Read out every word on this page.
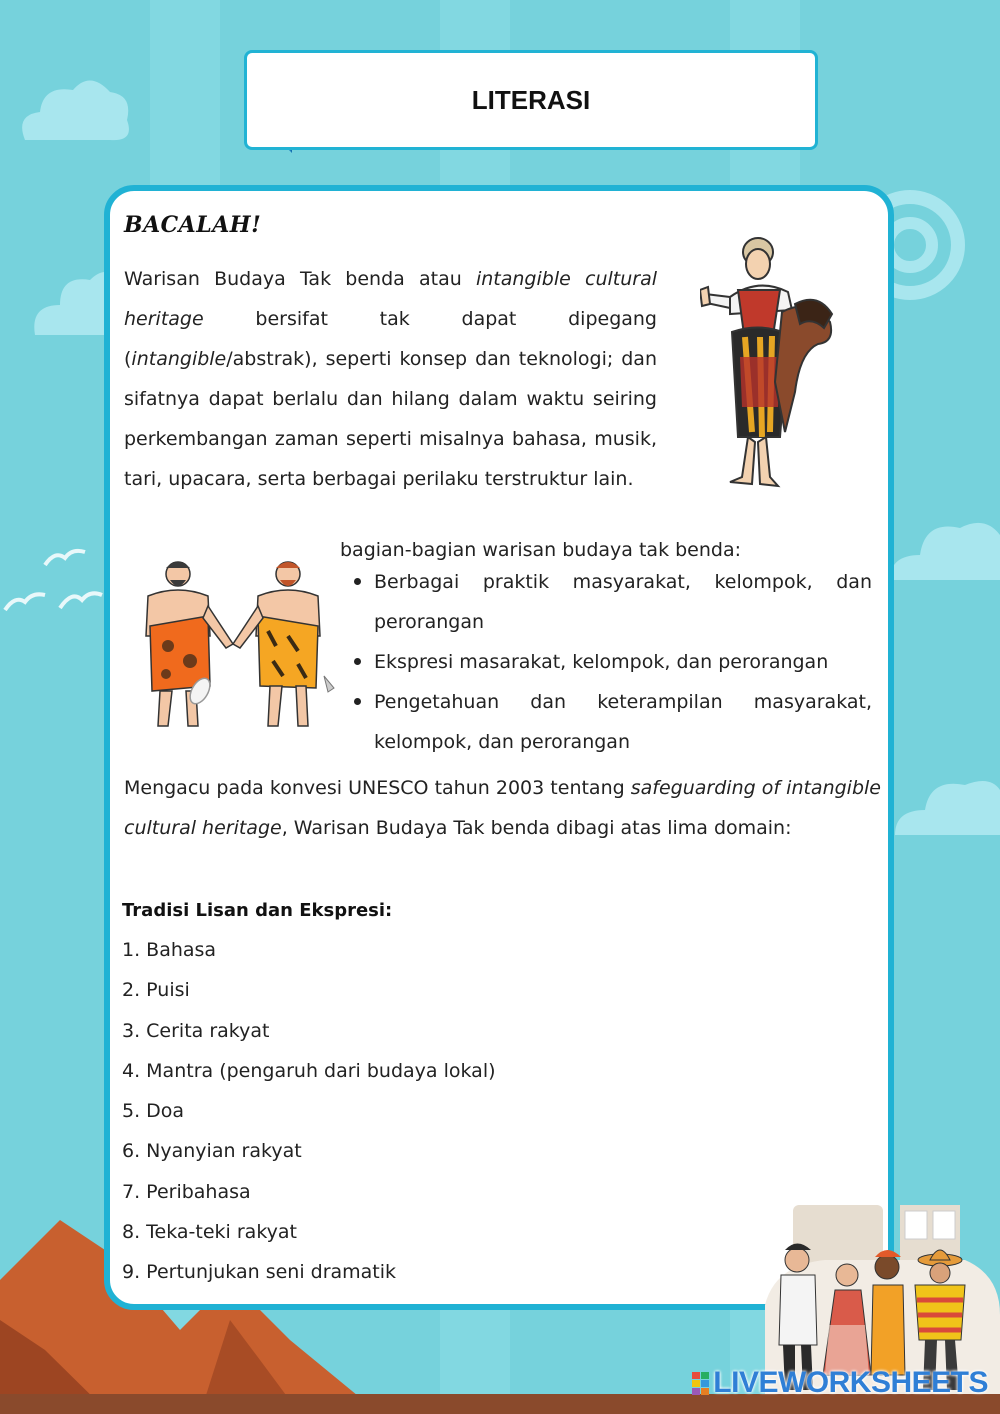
LITERASI
BACALAH!
Warisan Budaya Tak benda atau intangible cultural heritage bersifat tak dapat dipegang (intangible/abstrak), seperti konsep dan teknologi; dan sifatnya dapat berlalu dan hilang dalam waktu seiring perkembangan zaman seperti misalnya bahasa, musik, tari, upacara, serta berbagai perilaku terstruktur lain.
bagian-bagian warisan budaya tak benda:
Berbagai praktik masyarakat, kelompok, dan perorangan
Ekspresi masarakat, kelompok, dan perorangan
Pengetahuan dan keterampilan masyarakat, kelompok, dan perorangan
Mengacu pada konvesi UNESCO tahun 2003 tentang safeguarding of intangible cultural heritage, Warisan Budaya Tak benda dibagi atas lima domain:
Tradisi Lisan dan Ekspresi:
1. Bahasa
2. Puisi
3. Cerita rakyat
4. Mantra (pengaruh dari budaya lokal)
5. Doa
6. Nyanyian rakyat
7. Peribahasa
8. Teka-teki rakyat
9. Pertunjukan seni dramatik
LIVEWORKSHEETS
